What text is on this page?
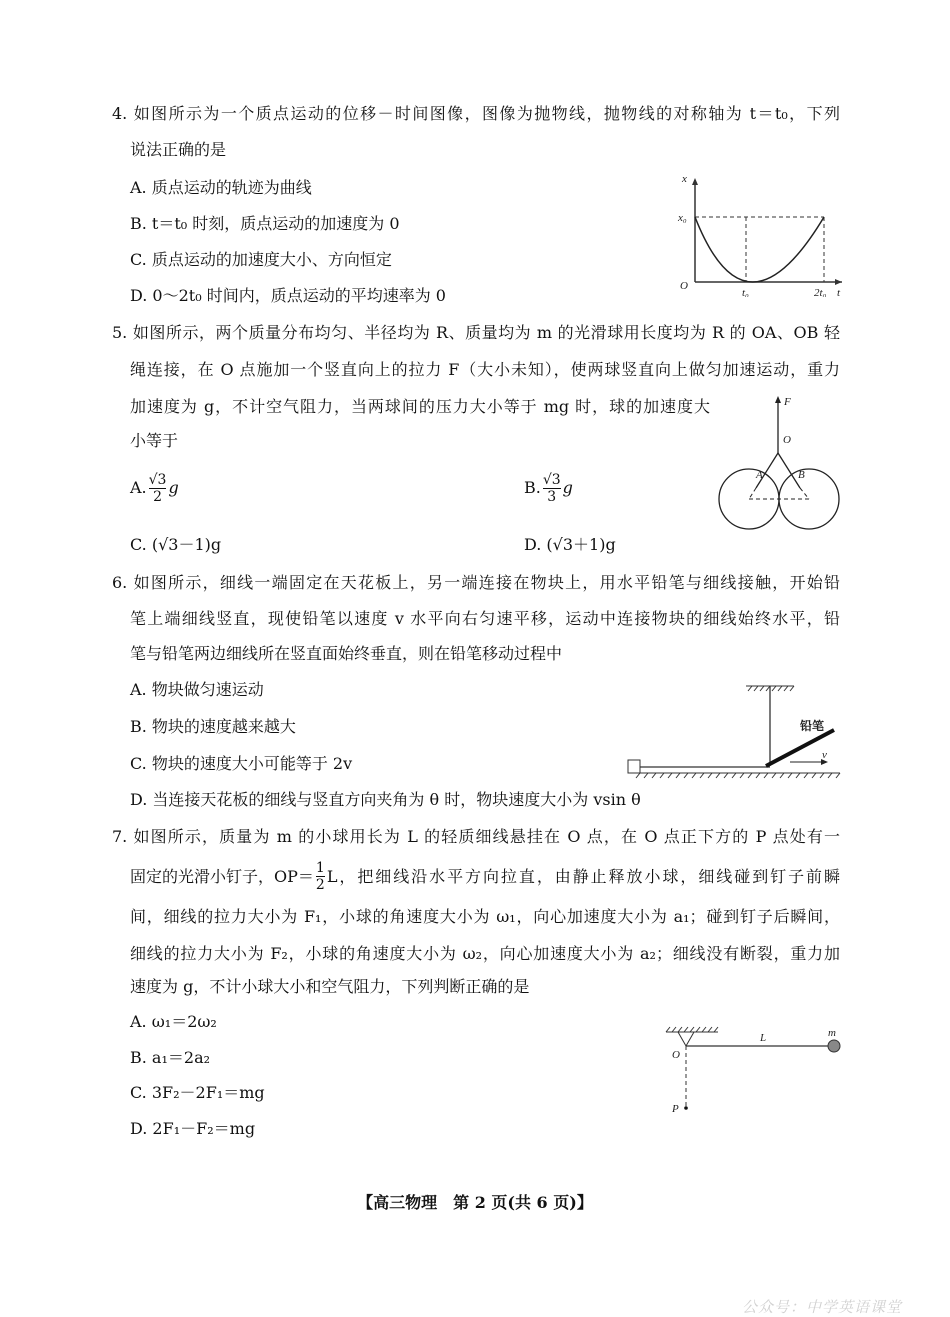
4. 如图所示为一个质点运动的位移－时间图像，图像为抛物线，抛物线的对称轴为 t＝t₀，下列
说法正确的是
A. 质点运动的轨迹为曲线
B. t＝t₀ 时刻，质点运动的加速度为 0
C. 质点运动的加速度大小、方向恒定
D. 0～2t₀ 时间内，质点运动的平均速率为 0
x
x₀
O
t₀	2t₀ t
5. 如图所示，两个质量分布均匀、半径均为 R、质量均为 m 的光滑球用长度均为 R 的 OA、OB 轻
绳连接，在 O 点施加一个竖直向上的拉力 F（大小未知），使两球竖直向上做匀加速运动，重力
加速度为 g，不计空气阻力，当两球间的压力大小等于 mg 时，球的加速度大
小等于
A. $\frac{√3}{2}$ g	B. $\frac{√3}{3}$ g
C. (√3－1)g	D. (√3＋1)g
F
O
A	B
6. 如图所示，细线一端固定在天花板上，另一端连接在物块上，用水平铅笔与细线接触，开始铅
笔上端细线竖直，现使铅笔以速度 v 水平向右匀速平移，运动中连接物块的细线始终水平，铅
笔与铅笔两边细线所在竖直面始终垂直，则在铅笔移动过程中
A. 物块做匀速运动
B. 物块的速度越来越大
C. 物块的速度大小可能等于 2v
D. 当连接天花板的细线与竖直方向夹角为 θ 时，物块速度大小为 vsin θ
铅笔
v
7. 如图所示，质量为 m 的小球用长为 L 的轻质细线悬挂在 O 点，在 O 点正下方的 P 点处有一
固定的光滑小钉子，$OP= \frac{1}{2}$ L，把细线沿水平方向拉直，由静止释放小球，细线碰到钉子前瞬
间，细线的拉力大小为 F₁，小球的角速度大小为 ω₁，向心加速度大小为 a₁；碰到钉子后瞬间，
细线的拉力大小为 F₂，小球的角速度大小为 ω₂，向心加速度大小为 a₂；细线没有断裂，重力加
速度为 g，不计小球大小和空气阻力，下列判断正确的是
A. ω₁＝2ω₂
B. a₁＝2a₂
C. 3F₂－2F₁＝mg
D. 2F₁－F₂＝mg
O
L	m
P
【高三物理　第 2 页(共 6 页)】
公众号：中学英语课堂
